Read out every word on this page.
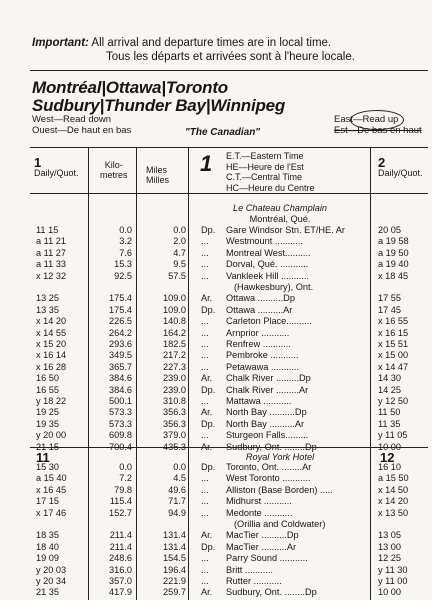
Important: All arrival and departure times are in local time.
Tous les départs et arrivées sont à l'heure locale.
Montréal|Ottawa|Toronto
Sudbury|Thunder Bay|Winnipeg
West—Read down
Ouest—De haut en bas	"The Canadian"
East—Read up
Est—De bas en haut
1
Daily/Quot.
Kilo-
metres Miles
Milles
1 E.T.—Eastern Time
HE—Heure de l'Est
C.T.—Central Time
HC—Heure du Centre
2
Daily/Quot.
Le Chateau Champlain
Montréal, Qué.
11 15	0.0	0.0 Dp. Gare Windsor Stn. ET/HE. Ar	20 05
a 11 21	3.2	2.0 ... Westmount ...........	a 19 58
a 11 27	7.6	4.7 ... Montreal West..........	a 19 50
a 11 33	15.3	9.5 ... Dorval, Qué. ...........	a 19 40
x 12 32	92.5	57.5 ... Vankleek Hill ...........	x 18 45
(Hawkesbury), Ont.
13 25	175.4	109.0 Ar. Ottawa ..........Dp	17 55
13 35	175.4	109.0 Dp. Ottawa ..........Ar	17 45
x 14 20	226.5	140.8 ... Carleton Place..........	x 16 55
x 14 55	264.2	164.2 ... Arnprior ...........	x 16 15
x 15 20	293.6	182.5 ... Renfrew ...........	x 15 51
x 16 14	349.5	217.2 ... Pembroke ...........	x 15 00
x 16 28	365.7	227.3 ... Petawawa ...........	x 14 47
16 50	384.6	239.0 Ar. Chalk River .........Dp	14 30
16 55	384.6	239.0 Dp. Chalk River .........Ar	14 25
y 18 22	500.1	310.8 ... Mattawa ...........	y 12 50
19 25	573.3	356.3 Ar. North Bay ..........Dp	11 50
19 35	573.3	356.3 Dp. North Bay ..........Ar	11 35
y 20 00	609.8	379.0 ... Sturgeon Falls.........	y 11 05
21 15	700.4	435.3 Ar. Sudbury, Ont. ........Dp	10 00
11	12
Royal York Hotel
15 30	0.0	0.0 Dp. Toronto, Ont. ........Ar	16 10
a 15 40	7.2	4.5 ... West Toronto ...........	a 15 50
x 16 45	79.8	49.6 ... Alliston (Base Borden) .....	x 14 50
17 15	115.4	71.7 ... Midhurst ...........	x 14 20
x 17 46	152.7	94.9 ... Medonte ...........	x 13 50
(Orillia and Coldwater)
18 35	211.4	131.4 Ar. MacTier ..........Dp	13 05
18 40	211.4	131.4 Dp. MacTier ..........Ar	13 00
19 09	248.6	154.5 ... Parry Sound ...........	12 25
y 20 03	316.0	196.4 ... Britt ...........	y 11 30
y 20 34	357.0	221.9 ... Rutter ...........	y 11 00
21 35	417.9	259.7 Ar. Sudbury, Ont. ........Dp	10 00
